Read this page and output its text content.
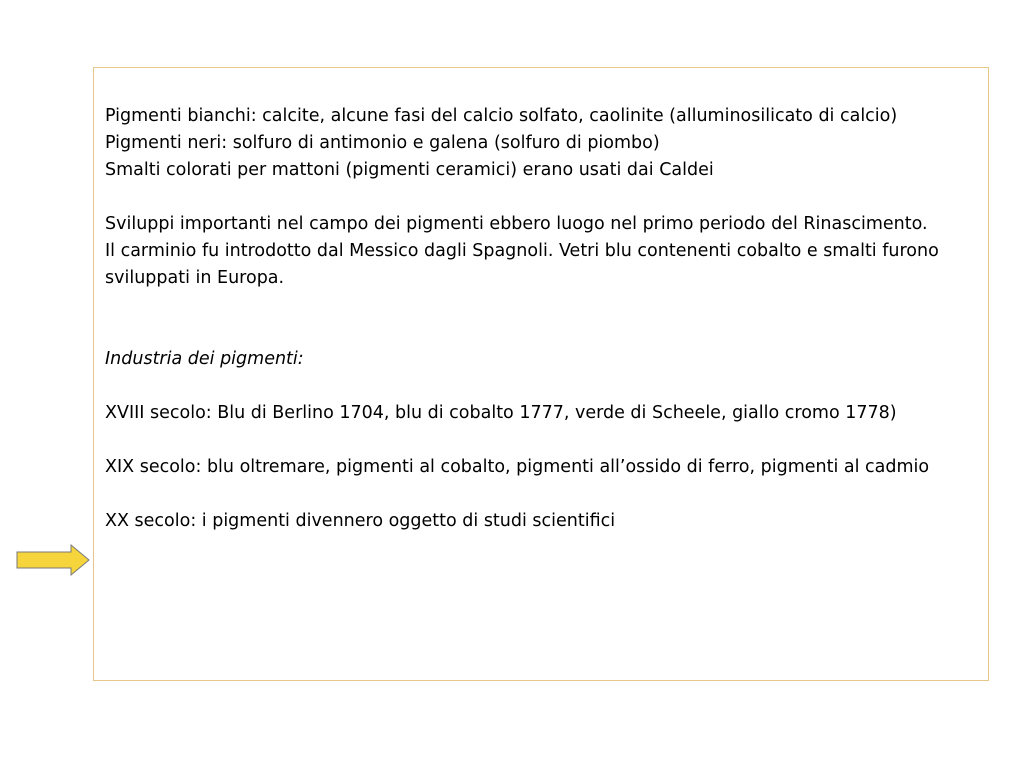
Pigmenti bianchi: calcite, alcune fasi del calcio solfato, caolinite (alluminosilicato di calcio)
Pigmenti neri: solfuro di antimonio e galena (solfuro di piombo)
Smalti colorati per mattoni (pigmenti ceramici) erano usati dai Caldei
Sviluppi importanti nel campo dei pigmenti ebbero luogo nel primo periodo del Rinascimento.
Il carminio fu introdotto dal Messico dagli Spagnoli. Vetri blu contenenti cobalto e smalti furono sviluppati in Europa.
Industria dei pigmenti:
XVIII secolo: Blu di Berlino 1704, blu di cobalto 1777, verde di Scheele, giallo cromo 1778)
XIX secolo: blu oltremare, pigmenti al cobalto, pigmenti all’ossido di ferro, pigmenti al cadmio
XX secolo: i pigmenti divennero oggetto di studi scientifici
